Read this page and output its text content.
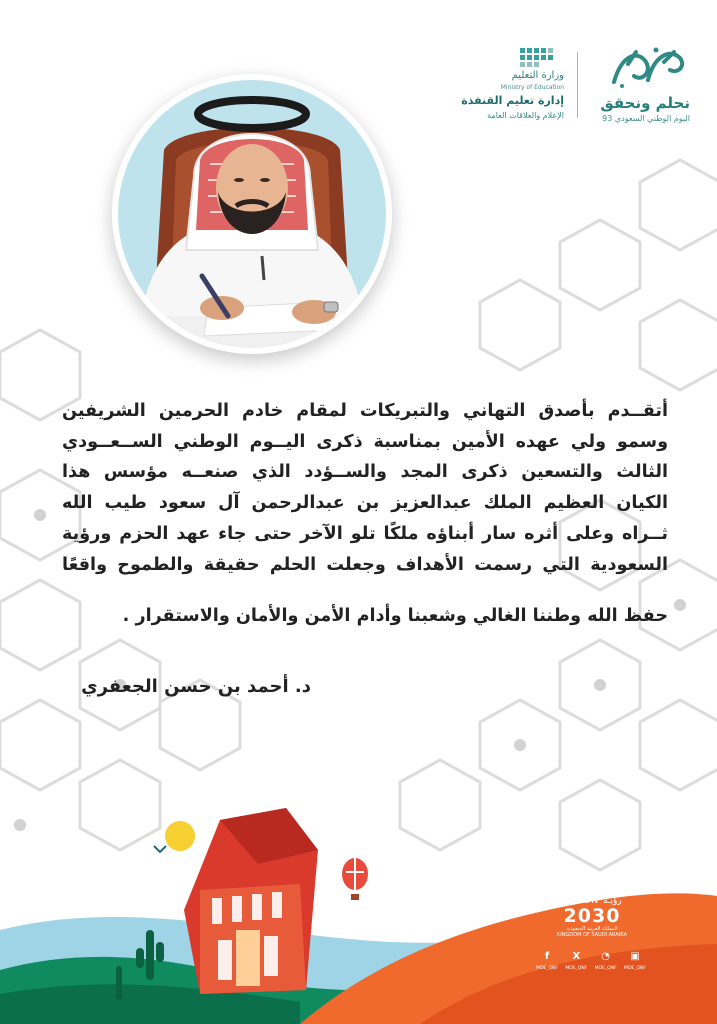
نحلم ونحقق
اليوم الوطني السعودي 93
وزارة التعليم
Ministry of Education
إدارة تعليم القنفذة
الإعلام والعلاقات العامة
أتقــدم بأصدق التهاني والتبريكات لمقام خادم الحرمين الشريفين
وسمو ولي عهده الأمين بمناسبة ذكرى اليــوم الوطني الســعــودي
الثالث والتسعين ذكرى المجد والســؤدد الذي صنعــه مؤسس هذا
الكيان العظيم الملك عبدالعزيز بن عبدالرحمن آل سعود طيب الله
ثــراه وعلى أثره سار أبناؤه ملكًا تلو الآخر حتى جاء عهد الحزم ورؤية
السعودية التي رسمت الأهداف وجعلت الحلم حقيقة والطموح واقعًا
حفظ الله وطننا الغالي وشعبنا وأدام الأمن والأمان والاستقرار .
د. أحمد بن حسن الجعفري
VISION رؤيـة
2030
المملكة العربية السعودية
KINGDOM OF SAUDI ARABIA
f
MOE_QNF
X
MOE_QNF
◔
MOE_QNF
▣
MOE_QNF
